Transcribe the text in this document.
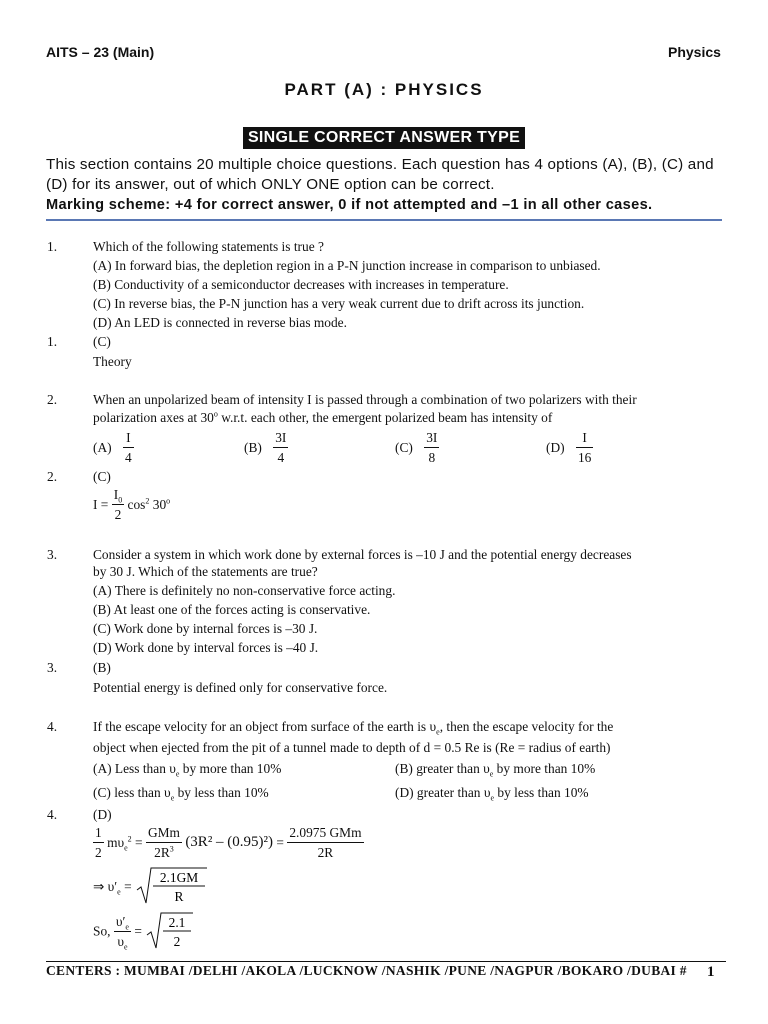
AITS – 23 (Main)	Physics
PART (A) : PHYSICS
SINGLE CORRECT ANSWER TYPE
This section contains 20 multiple choice questions. Each question has 4 options (A), (B), (C) and (D) for its answer, out of which ONLY ONE option can be correct.
Marking scheme: +4 for correct answer, 0 if not attempted and –1 in all other cases.
1.	Which of the following statements is true ?
(A) In forward bias, the depletion region in a P-N junction increase in comparison to unbiased.
(B) Conductivity of a semiconductor decreases with increases in temperature.
(C) In reverse bias, the P-N junction has a very weak current due to drift across its junction.
(D) An LED is connected in reverse bias mode.
1.	(C)
Theory
2.	When an unpolarized beam of intensity I is passed through a combination of two polarizers with their
polarization axes at 30$^o$ w.r.t. each other, the emergent polarized beam has intensity of
$(A) \frac{I}{4}$	$(B) \frac{3I}{4}$	$(C) \frac{3I}{8}$	$(D) \frac{I}{16}$
2.	(C)
$I = \frac{I_0}{2} \cos^2 30^o$
3.	Consider a system in which work done by external forces is –10 J and the potential energy decreases
by 30 J. Which of the statements are true?
(A) There is definitely no non-conservative force acting.
(B) At least one of the forces acting is conservative.
(C) Work done by internal forces is –30 J.
(D) Work done by interval forces is –40 J.
3.	(B)
Potential energy is defined only for conservative force.
4.	If the escape velocity for an object from surface of the earth is $\upsilon_e$, then the escape velocity for the
object when ejected from the pit of a tunnel made to depth of d = 0.5 Re is (Re = radius of earth)
(A) Less than $\upsilon_e$ by more than 10%	(B) greater than $\upsilon_e$ by more than 10%
(C) less than $\upsilon_e$ by less than 10%	(D) greater than $\upsilon_e$ by less than 10%
4.	(D)
$\frac{1}{2} m\upsilon_e^2 = \frac{\text{GMm}}{2R^3} (3R^2 - (0.95)^2) = \frac{\text{2.0975 GMm}}{2R}$
⇒ $\upsilon'_e$ =
2.1GM
R
So, $\frac{\upsilon'_e}{\upsilon_e}$ =
2.1
2
CENTERS : MUMBAI /DELHI /AKOLA /LUCKNOW /NASHIK /PUNE /NAGPUR /BOKARO /DUBAI # 1
